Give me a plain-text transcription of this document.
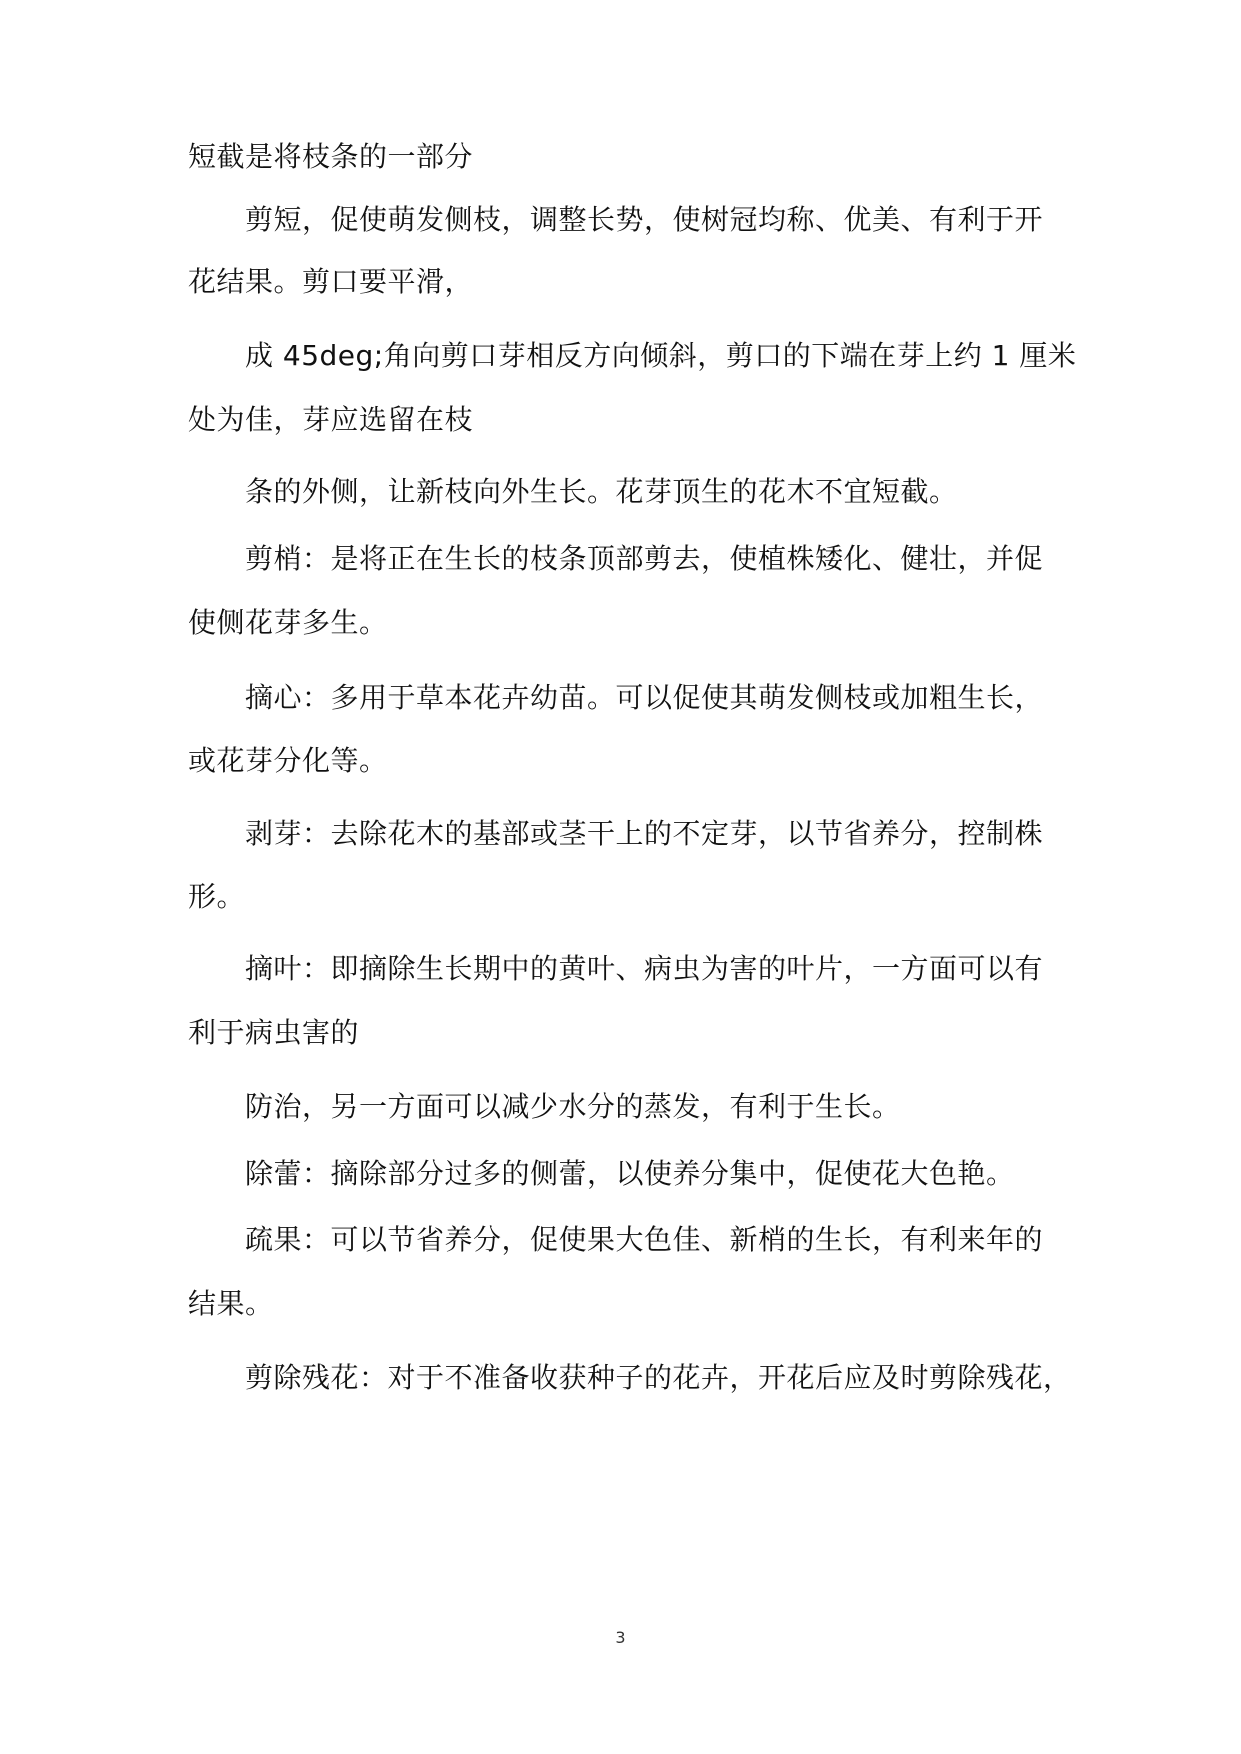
短截是将枝条的一部分
剪短，促使萌发侧枝，调整长势，使树冠均称、优美、有利于开
花结果。剪口要平滑，
成 45deg;角向剪口芽相反方向倾斜，剪口的下端在芽上约 1 厘米
处为佳，芽应选留在枝
条的外侧，让新枝向外生长。花芽顶生的花木不宜短截。
剪梢：是将正在生长的枝条顶部剪去，使植株矮化、健壮，并促
使侧花芽多生。
摘心：多用于草本花卉幼苗。可以促使其萌发侧枝或加粗生长，
或花芽分化等。
剥芽：去除花木的基部或茎干上的不定芽，以节省养分，控制株
形。
摘叶：即摘除生长期中的黄叶、病虫为害的叶片，一方面可以有
利于病虫害的
防治，另一方面可以减少水分的蒸发，有利于生长。
除蕾：摘除部分过多的侧蕾，以使养分集中，促使花大色艳。
疏果：可以节省养分，促使果大色佳、新梢的生长，有利来年的
结果。
剪除残花：对于不准备收获种子的花卉，开花后应及时剪除残花，
3
